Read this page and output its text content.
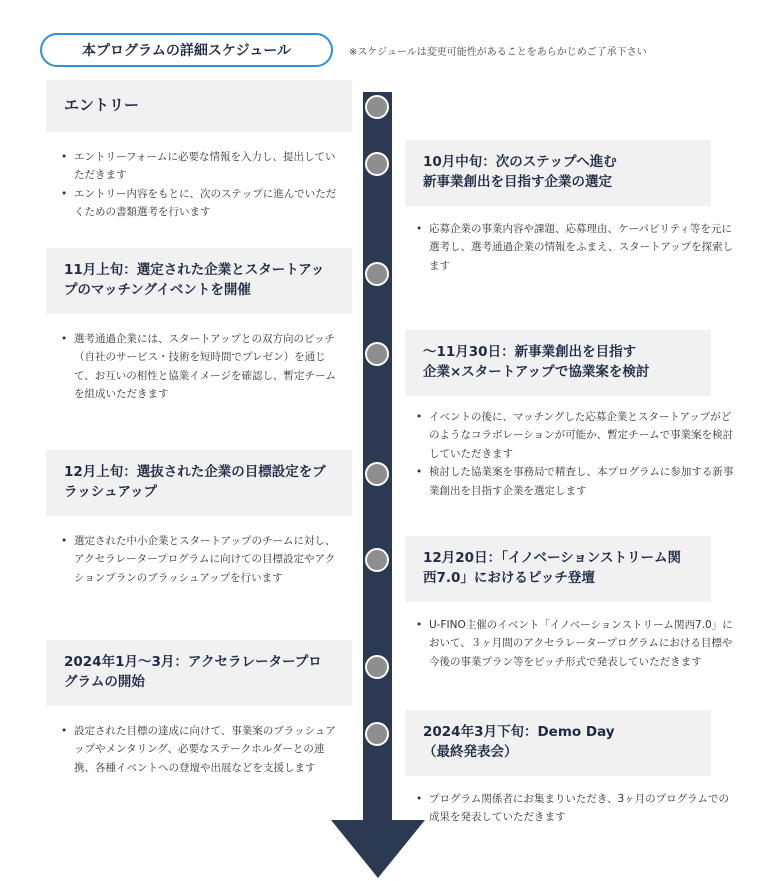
本プログラムの詳細スケジュール	※スケジュールは変更可能性があることをあらかじめご了承下さい
エントリー
• エントリーフォームに必要な情報を入力し、提出していただきます
• エントリー内容をもとに、次のステップに進んでいただくための書類選考を行います
11月上旬：選定された企業とスタートアップのマッチングイベントを開催
• 選考通過企業には、スタートアップとの双方向のピッチ（自社のサービス・技術を短時間でプレゼン）を通じて、お互いの相性と協業イメージを確認し、暫定チームを組成いただきます
12月上旬：選抜された企業の目標設定をブラッシュアップ
• 選定された中小企業とスタートアップのチームに対し、アクセラレータープログラムに向けての目標設定やアクションプランのブラッシュアップを行います
2024年1月～3月：アクセラレータープログラムの開始
• 設定された目標の達成に向けて、事業案のブラッシュアップやメンタリング、必要なステークホルダーとの連携、各種イベントへの登壇や出展などを支援します
10月中旬：次のステップへ進む
新事業創出を目指す企業の選定
• 応募企業の事業内容や課題、応募理由、ケーパビリティ等を元に選考し、選考通過企業の情報をふまえ、スタートアップを探索します
～11月30日：新事業創出を目指す
企業×スタートアップで協業案を検討
• イベントの後に、マッチングした応募企業とスタートアップがどのようなコラボレーションが可能か、暫定チームで事業案を検討していただきます
• 検討した協業案を事務局で精査し、本プログラムに参加する新事業創出を目指す企業を選定します
12月20日：「イノベーションストリーム関西7.0」におけるピッチ登壇
• U-FINO主催のイベント「イノベーションストリーム関西7.0」において、３ヶ月間のアクセラレータープログラムにおける目標や今後の事業プラン等をピッチ形式で発表していただきます
2024年3月下旬：Demo Day
（最終発表会）
• プログラム関係者にお集まりいただき、3ヶ月のプログラムでの成果を発表していただきます
